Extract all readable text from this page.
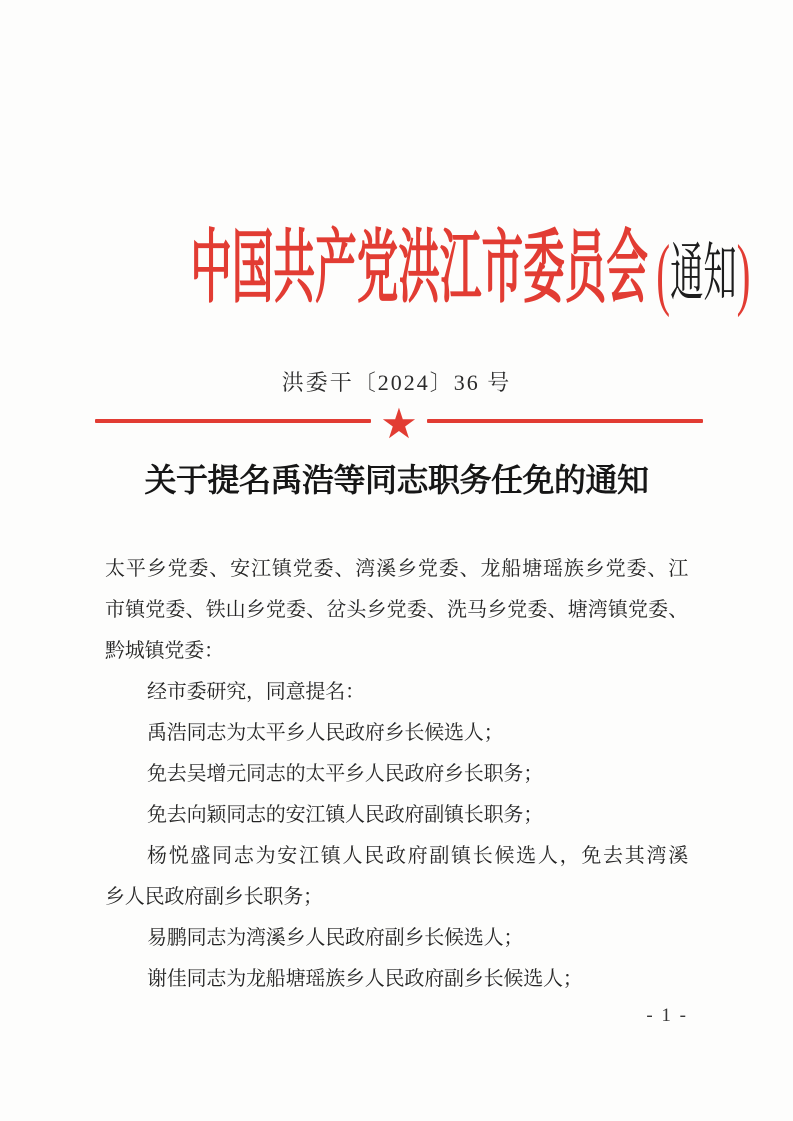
中国共产党洪江市委员会 (通知)
洪委干〔2024〕36 号
★
关于提名禹浩等同志职务任免的通知
太平乡党委、安江镇党委、湾溪乡党委、龙船塘瑶族乡党委、江
市镇党委、铁山乡党委、岔头乡党委、洗马乡党委、塘湾镇党委、
黔城镇党委：
经市委研究，同意提名：
禹浩同志为太平乡人民政府乡长候选人；
免去吴增元同志的太平乡人民政府乡长职务；
免去向颖同志的安江镇人民政府副镇长职务；
杨悦盛同志为安江镇人民政府副镇长候选人，免去其湾溪
乡人民政府副乡长职务；
易鹏同志为湾溪乡人民政府副乡长候选人；
谢佳同志为龙船塘瑶族乡人民政府副乡长候选人；
- 1 -
